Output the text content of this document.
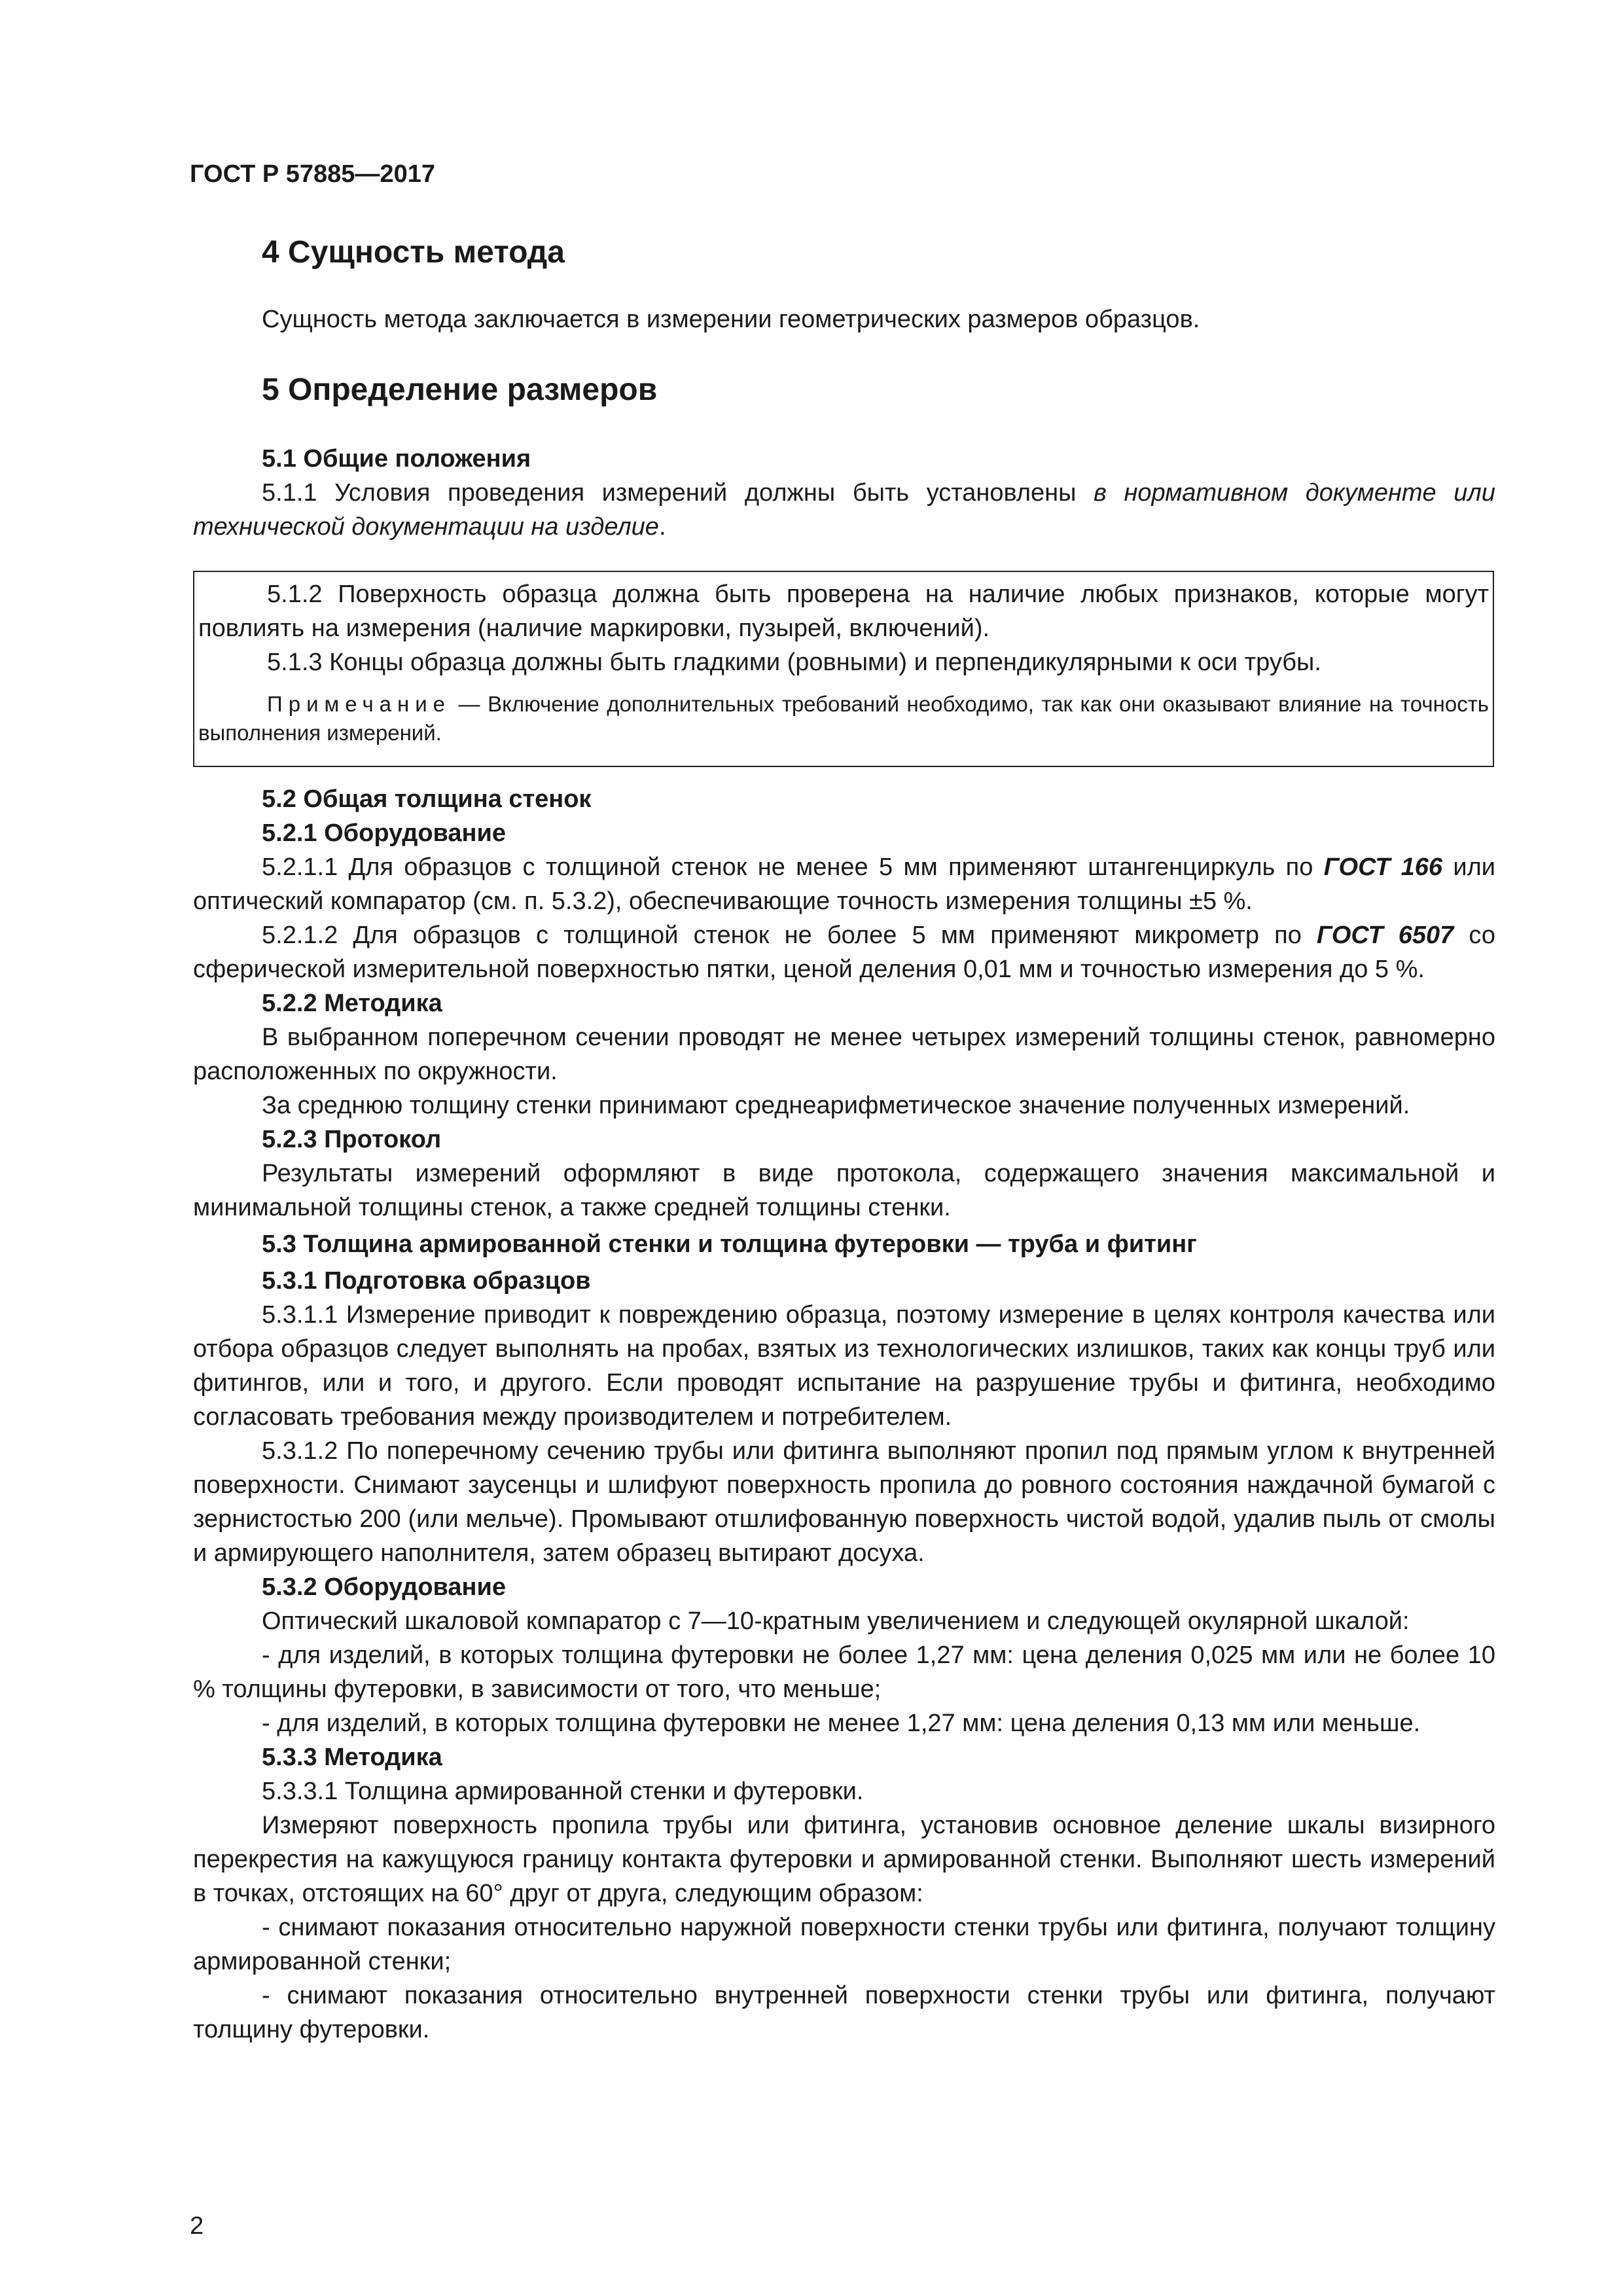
ГОСТ Р 57885—2017
4 Сущность метода

Сущность метода заключается в измерении геометрических размеров образцов.

5 Определение размеров

5.1 Общие положения

5.1.1 Условия проведения измерений должны быть установлены в нормативном документе или технической документации на изделие.

5.1.2 Поверхность образца должна быть проверена на наличие любых признаков, которые могут повлиять на измерения (наличие маркировки, пузырей, включений).

5.1.3 Концы образца должны быть гладкими (ровными) и перпендикулярными к оси трубы.

Примечание — Включение дополнительных требований необходимо, так как они оказывают влияние на точность выполнения измерений.

5.2 Общая толщина стенок

5.2.1 Оборудование

5.2.1.1 Для образцов с толщиной стенок не менее 5 мм применяют штангенциркуль по ГОСТ 166 или оптический компаратор (см. п. 5.3.2), обеспечивающие точность измерения толщины ±5 %.

5.2.1.2 Для образцов с толщиной стенок не более 5 мм применяют микрометр по ГОСТ 6507 со сферической измерительной поверхностью пятки, ценой деления 0,01 мм и точностью измерения до 5 %.

5.2.2 Методика

В выбранном поперечном сечении проводят не менее четырех измерений толщины стенок, равномерно расположенных по окружности.

За среднюю толщину стенки принимают среднеарифметическое значение полученных измерений.

5.2.3 Протокол

Результаты измерений оформляют в виде протокола, содержащего значения максимальной и минимальной толщины стенок, а также средней толщины стенки.

5.3 Толщина армированной стенки и толщина футеровки — труба и фитинг

5.3.1 Подготовка образцов

5.3.1.1 Измерение приводит к повреждению образца, поэтому измерение в целях контроля качества или отбора образцов следует выполнять на пробах, взятых из технологических излишков, таких как концы труб или фитингов, или и того, и другого. Если проводят испытание на разрушение трубы и фитинга, необходимо согласовать требования между производителем и потребителем.

5.3.1.2 По поперечному сечению трубы или фитинга выполняют пропил под прямым углом к внутренней поверхности. Снимают заусенцы и шлифуют поверхность пропила до ровного состояния наждачной бумагой с зернистостью 200 (или мельче). Промывают отшлифованную поверхность чистой водой, удалив пыль от смолы и армирующего наполнителя, затем образец вытирают досуха.

5.3.2 Оборудование

Оптический шкаловой компаратор с 7—10-кратным увеличением и следующей окулярной шкалой:

- для изделий, в которых толщина футеровки не более 1,27 мм: цена деления 0,025 мм или не более 10 % толщины футеровки, в зависимости от того, что меньше;

- для изделий, в которых толщина футеровки не менее 1,27 мм: цена деления 0,13 мм или меньше.

5.3.3 Методика

5.3.3.1 Толщина армированной стенки и футеровки.

Измеряют поверхность пропила трубы или фитинга, установив основное деление шкалы визирного перекрестия на кажущуюся границу контакта футеровки и армированной стенки. Выполняют шесть измерений в точках, отстоящих на 60° друг от друга, следующим образом:

- снимают показания относительно наружной поверхности стенки трубы или фитинга, получают толщину армированной стенки;

- снимают показания относительно внутренней поверхности стенки трубы или фитинга, получают толщину футеровки.

2
